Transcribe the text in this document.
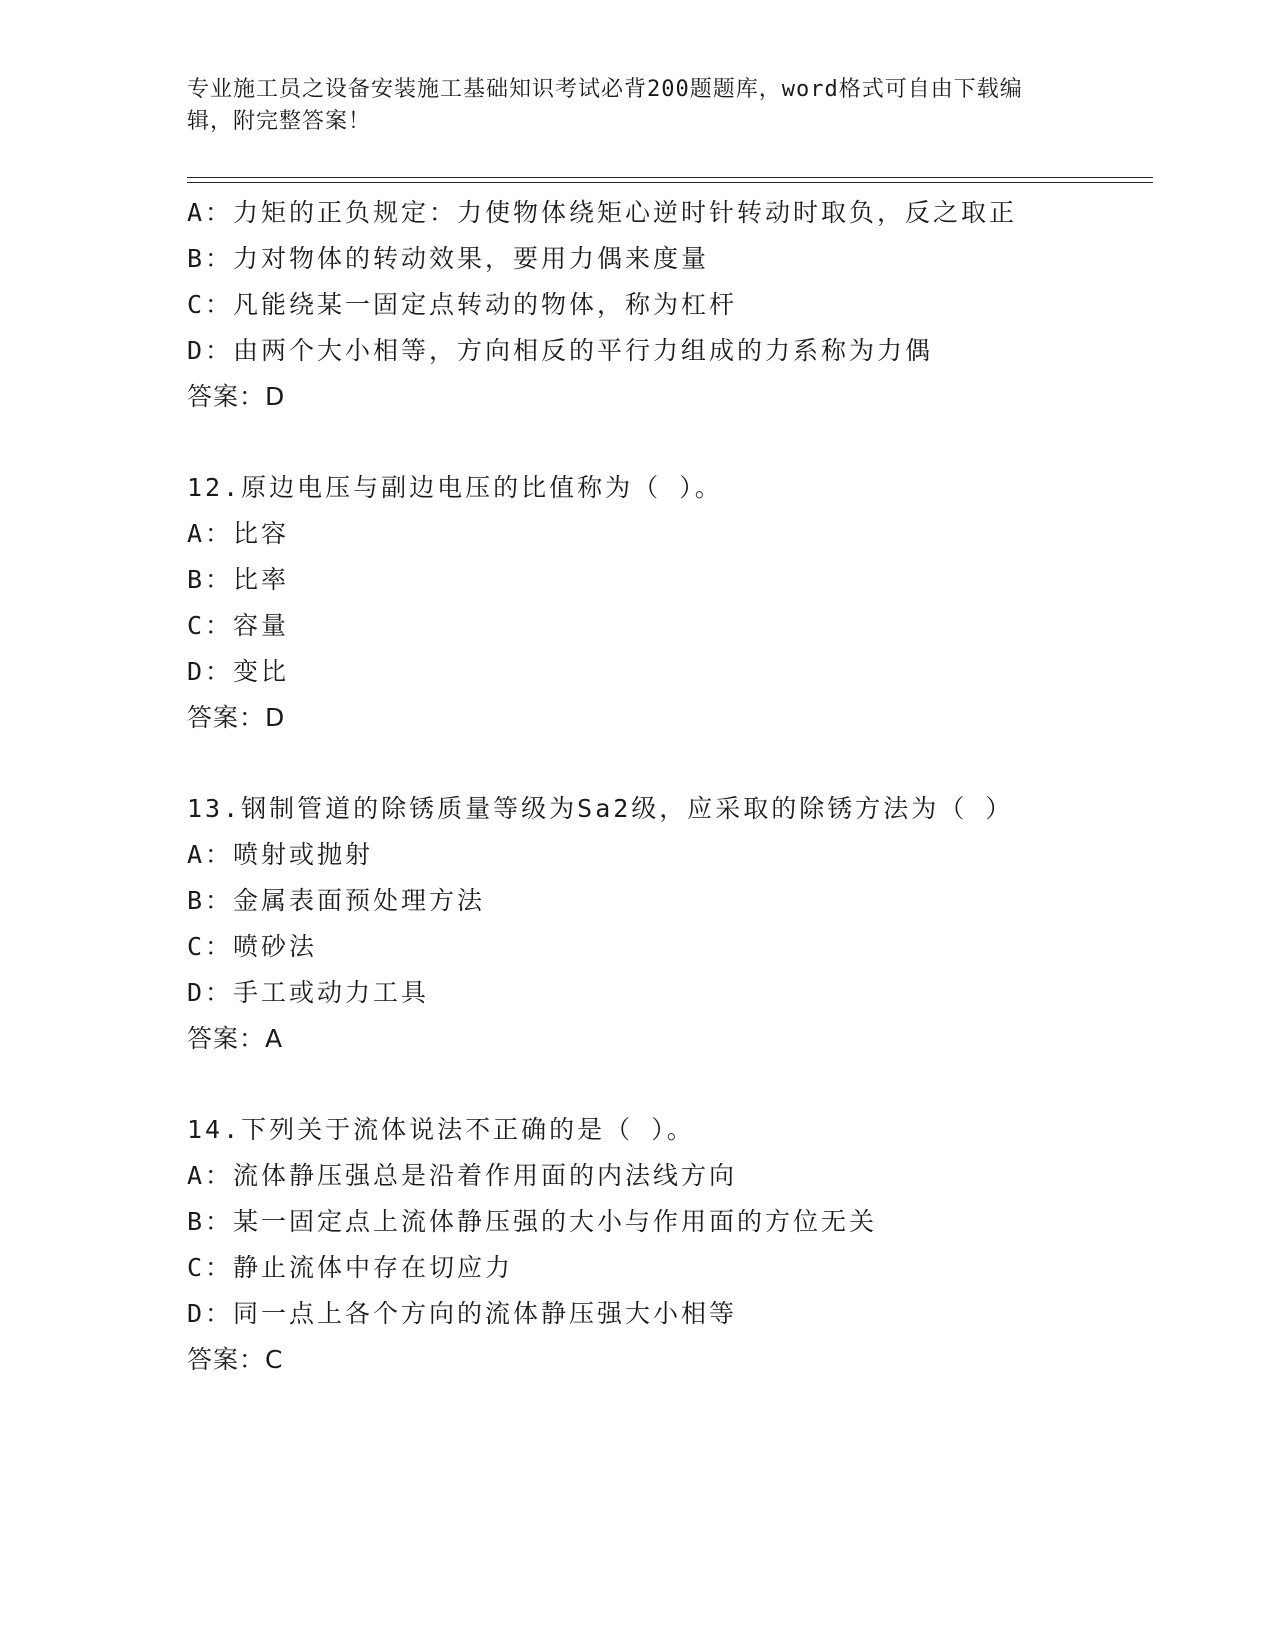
专业施工员之设备安装施工基础知识考试必背200题题库，word格式可自由下载编辑，附完整答案！
A：力矩的正负规定：力使物体绕矩心逆时针转动时取负，反之取正
B：力对物体的转动效果，要用力偶来度量
C：凡能绕某一固定点转动的物体，称为杠杆
D：由两个大小相等，方向相反的平行力组成的力系称为力偶
答案：D
12.原边电压与副边电压的比值称为（ ）。
A：比容
B：比率
C：容量
D：变比
答案：D
13.钢制管道的除锈质量等级为Sa2级，应采取的除锈方法为（ ）
A：喷射或抛射
B：金属表面预处理方法
C：喷砂法
D：手工或动力工具
答案：A
14.下列关于流体说法不正确的是（ ）。
A：流体静压强总是沿着作用面的内法线方向
B：某一固定点上流体静压强的大小与作用面的方位无关
C：静止流体中存在切应力
D：同一点上各个方向的流体静压强大小相等
答案：C
